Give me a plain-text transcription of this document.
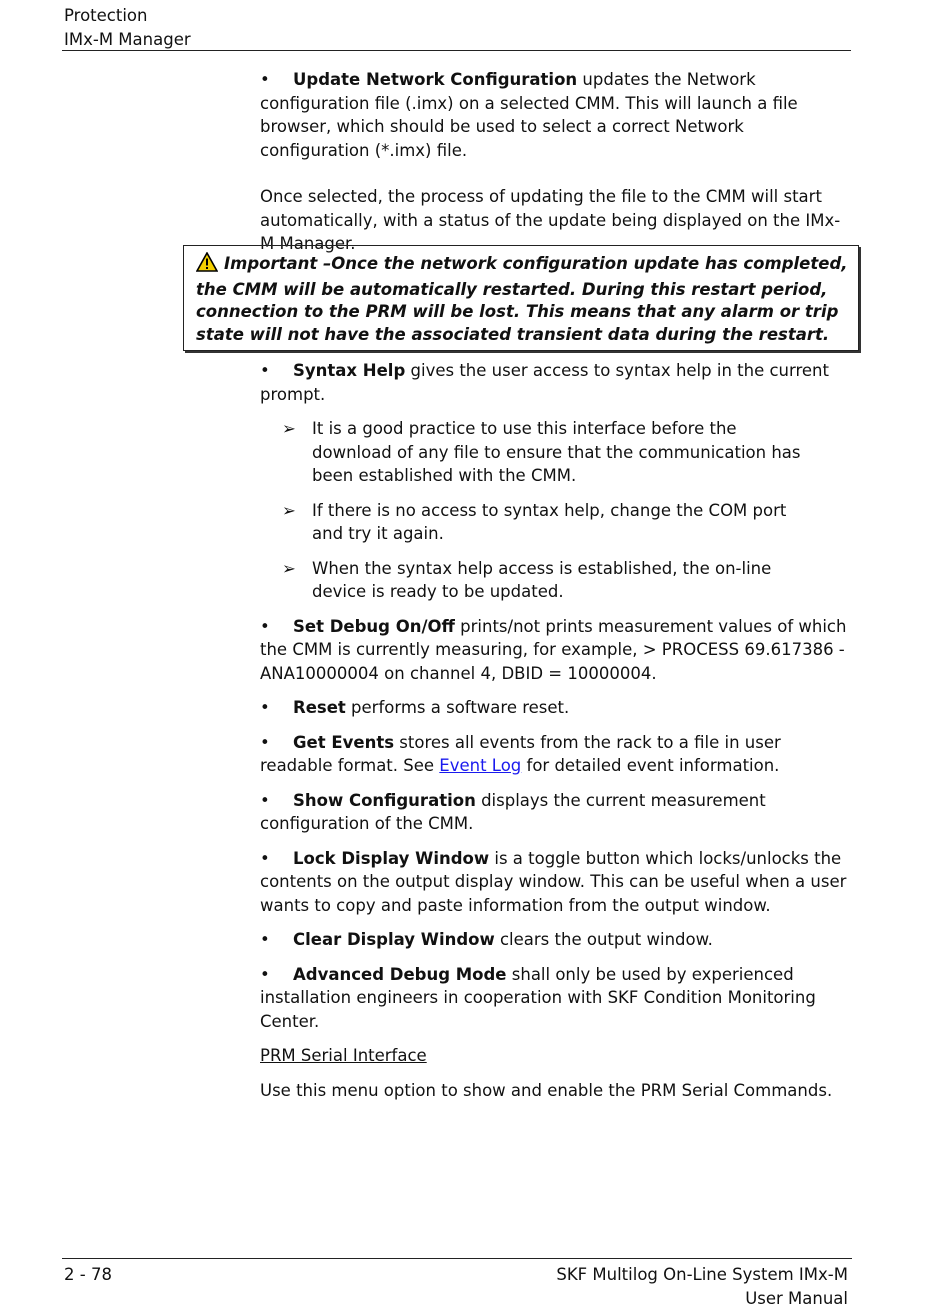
Protection
IMx-M Manager

• Update Network Configuration updates the Network configuration file (.imx) on a selected CMM. This will launch a file browser, which should be used to select a correct Network configuration (*.imx) file.

Once selected, the process of updating the file to the CMM will start automatically, with a status of the update being displayed on the IMx-M Manager.

Important –Once the network configuration update has completed, the CMM will be automatically restarted. During this restart period, connection to the PRM will be lost. This means that any alarm or trip state will not have the associated transient data during the restart.

• Syntax Help gives the user access to syntax help in the current prompt.

➢ It is a good practice to use this interface before the download of any file to ensure that the communication has been established with the CMM.

➢ If there is no access to syntax help, change the COM port and try it again.

➢ When the syntax help access is established, the on-line device is ready to be updated.

• Set Debug On/Off prints/not prints measurement values of which the CMM is currently measuring, for example, > PROCESS 69.617386 - ANA10000004 on channel 4, DBID = 10000004.

• Reset performs a software reset.

• Get Events stores all events from the rack to a file in user readable format. See Event Log for detailed event information.

• Show Configuration displays the current measurement configuration of the CMM.

• Lock Display Window is a toggle button which locks/unlocks the contents on the output display window. This can be useful when a user wants to copy and paste information from the output window.

• Clear Display Window clears the output window.

• Advanced Debug Mode shall only be used by experienced installation engineers in cooperation with SKF Condition Monitoring Center.

PRM Serial Interface

Use this menu option to show and enable the PRM Serial Commands.

2 - 78	SKF Multilog On-Line System IMx-M
User Manual
